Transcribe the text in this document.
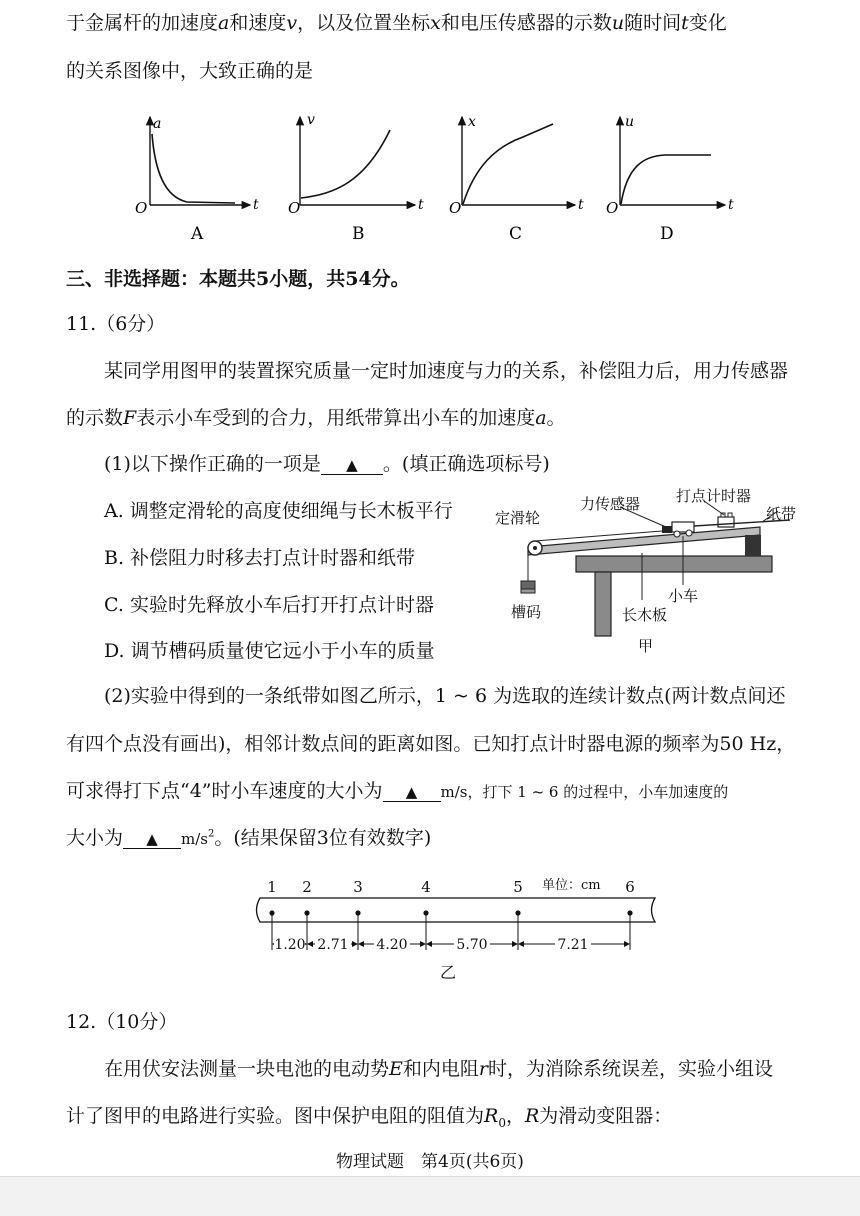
于金属杆的加速度a和速度v，以及位置坐标x和电压传感器的示数u随时间t变化
的关系图像中，大致正确的是
a
t
O
A
v
t
O
B
x
t
O
C
u
t
O
D
三、非选择题：本题共5小题，共54分。
11.（6分）
某同学用图甲的装置探究质量一定时加速度与力的关系，补偿阻力后，用力传感器
的示数F表示小车受到的合力，用纸带算出小车的加速度a。
(1)以下操作正确的一项是 ▲ 。(填正确选项标号)
A. 调整定滑轮的高度使细绳与长木板平行
B. 补偿阻力时移去打点计时器和纸带
C. 实验时先释放小车后打开打点计时器
D. 调节槽码质量使它远小于小车的质量
定滑轮
力传感器 打点计时器
纸带
槽码
小车
长木板
甲
(2)实验中得到的一条纸带如图乙所示，1 ~ 6 为选取的连续计数点(两计数点间还
有四个点没有画出)，相邻计数点间的距离如图。已知打点计时器电源的频率为50 Hz，
可求得打下点“4”时小车速度的大小为 ▲ m/s，打下 1 ~ 6 的过程中，小车加速度的
大小为 ▲ $m/s^2$。(结果保留3位有效数字)
1 2	3	4	5	6
单位：cm
1.20 2.71 4.20	5.70	7.21
乙
12.（10分）
在用伏安法测量一块电池的电动势E和内电阻r时，为消除系统误差，实验小组设
计了图甲的电路进行实验。图中保护电阻的阻值为$R_0$，R为滑动变阻器：
物理试题　第4页(共6页)
